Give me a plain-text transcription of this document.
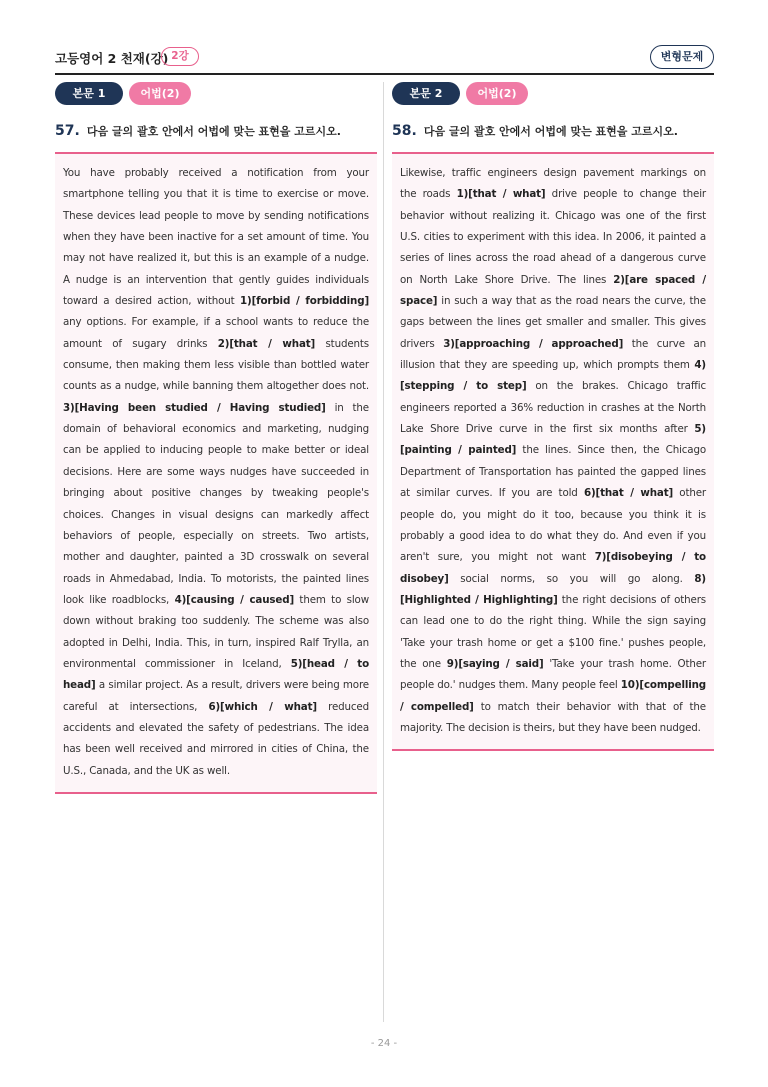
고등영어 2 천재(강) 2강	변형문제
본문 1	어법(2)
57. 다음 글의 괄호 안에서 어법에 맞는 표현을 고르시오.

You have probably received a notification from your smartphone telling you that it is time to exercise or move. These devices lead people to move by sending notifications when they have been inactive for a set amount of time. You may not have realized it, but this is an example of a nudge. A nudge is an intervention that gently guides individuals toward a desired action, without 1)[forbid / forbidding] any options. For example, if a school wants to reduce the amount of sugary drinks 2)[that / what] students consume, then making them less visible than bottled water counts as a nudge, while banning them altogether does not. 3)[Having been studied / Having studied] in the domain of behavioral economics and marketing, nudging can be applied to inducing people to make better or ideal decisions. Here are some ways nudges have succeeded in bringing about positive changes by tweaking people's choices. Changes in visual designs can markedly affect behaviors of people, especially on streets. Two artists, mother and daughter, painted a 3D crosswalk on several roads in Ahmedabad, India. To motorists, the painted lines look like roadblocks, 4)[causing / caused] them to slow down without braking too suddenly. The scheme was also adopted in Delhi, India. This, in turn, inspired Ralf Trylla, an environmental commissioner in Iceland, 5)[head / to head] a similar project. As a result, drivers were being more careful at intersections, 6)[which / what] reduced accidents and elevated the safety of pedestrians. The idea has been well received and mirrored in cities of China, the U.S., Canada, and the UK as well.

본문 2	어법(2)
58. 다음 글의 괄호 안에서 어법에 맞는 표현을 고르시오.

Likewise, traffic engineers design pavement markings on the roads 1)[that / what] drive people to change their behavior without realizing it. Chicago was one of the first U.S. cities to experiment with this idea. In 2006, it painted a series of lines across the road ahead of a dangerous curve on North Lake Shore Drive. The lines 2)[are spaced / space] in such a way that as the road nears the curve, the gaps between the lines get smaller and smaller. This gives drivers 3)[approaching / approached] the curve an illusion that they are speeding up, which prompts them 4)[stepping / to step] on the brakes. Chicago traffic engineers reported a 36% reduction in crashes at the North Lake Shore Drive curve in the first six months after 5)[painting / painted] the lines. Since then, the Chicago Department of Transportation has painted the gapped lines at similar curves. If you are told 6)[that / what] other people do, you might do it too, because you think it is probably a good idea to do what they do. And even if you aren't sure, you might not want 7)[disobeying / to disobey] social norms, so you will go along. 8)[Highlighted / Highlighting] the right decisions of others can lead one to do the right thing. While the sign saying 'Take your trash home or get a $100 fine.' pushes people, the one 9)[saying / said] 'Take your trash home. Other people do.' nudges them. Many people feel 10)[compelling / compelled] to match their behavior with that of the majority. The decision is theirs, but they have been nudged.

- 24 -
